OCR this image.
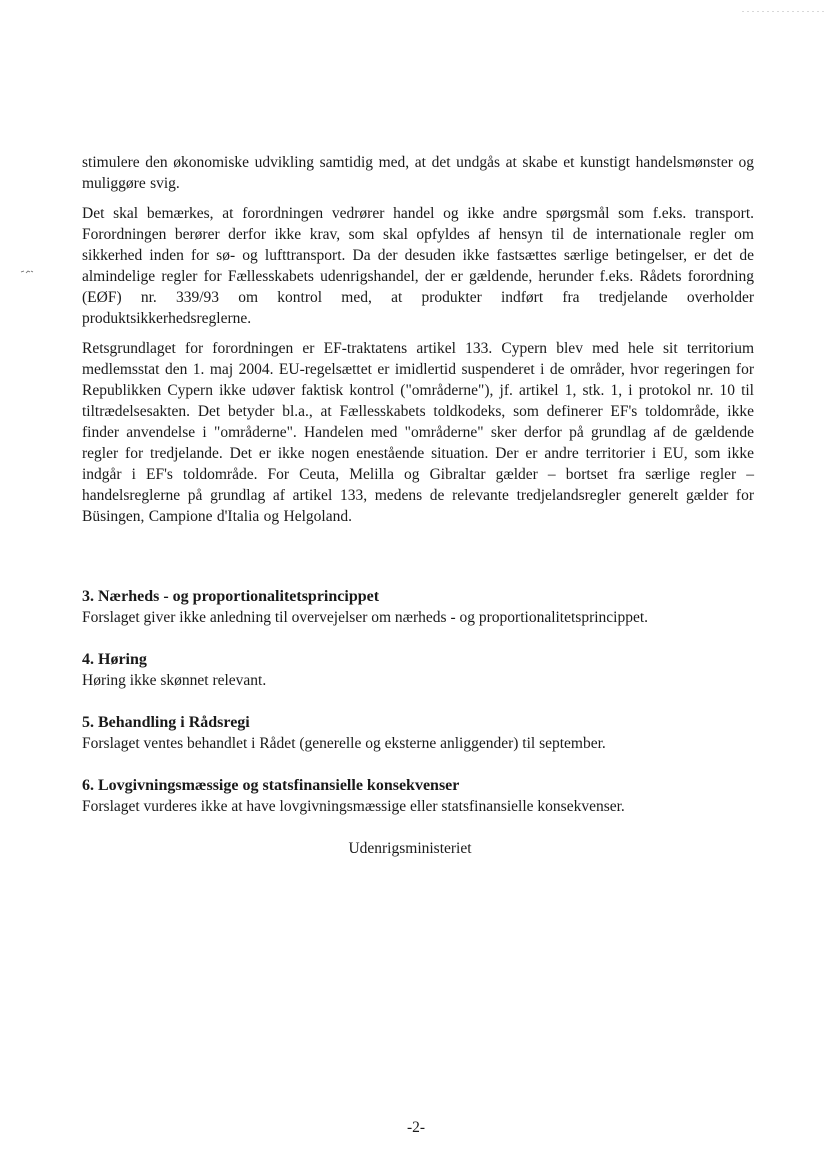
stimulere den økonomiske udvikling samtidig med, at det undgås at skabe et kunstigt handelsmønster og muliggøre svig.

Det skal bemærkes, at forordningen vedrører handel og ikke andre spørgsmål som f.eks. transport. Forordningen berører derfor ikke krav, som skal opfyldes af hensyn til de internationale regler om sikkerhed inden for sø- og lufttransport. Da der desuden ikke fastsættes særlige betingelser, er det de almindelige regler for Fællesskabets udenrigshandel, der er gældende, herunder f.eks. Rådets forordning (EØF) nr. 339/93 om kontrol med, at produkter indført fra tredjelande overholder produktsikkerhedsreglerne.

Retsgrundlaget for forordningen er EF-traktatens artikel 133. Cypern blev med hele sit territorium medlemsstat den 1. maj 2004. EU-regelsættet er imidlertid suspenderet i de områder, hvor regeringen for Republikken Cypern ikke udøver faktisk kontrol ("områderne"), jf. artikel 1, stk. 1, i protokol nr. 10 til tiltrædelsesakten. Det betyder bl.a., at Fællesskabets toldkodeks, som definerer EF's toldområde, ikke finder anvendelse i "områderne". Handelen med "områderne" sker derfor på grundlag af de gældende regler for tredjelande. Det er ikke nogen enestående situation. Der er andre territorier i EU, som ikke indgår i EF's toldområde. For Ceuta, Melilla og Gibraltar gælder – bortset fra særlige regler – handelsreglerne på grundlag af artikel 133, medens de relevante tredjelandsregler generelt gælder for Büsingen, Campione d'Italia og Helgoland.

3. Nærheds - og proportionalitetsprincippet

Forslaget giver ikke anledning til overvejelser om nærheds - og proportionalitetsprincippet.

4. Høring

Høring ikke skønnet relevant.

5. Behandling i Rådsregi

Forslaget ventes behandlet i Rådet (generelle og eksterne anliggender) til september.

6. Lovgivningsmæssige og statsfinansielle konsekvenser

Forslaget vurderes ikke at have lovgivningsmæssige eller statsfinansielle konsekvenser.

Udenrigsministeriet
-2-
